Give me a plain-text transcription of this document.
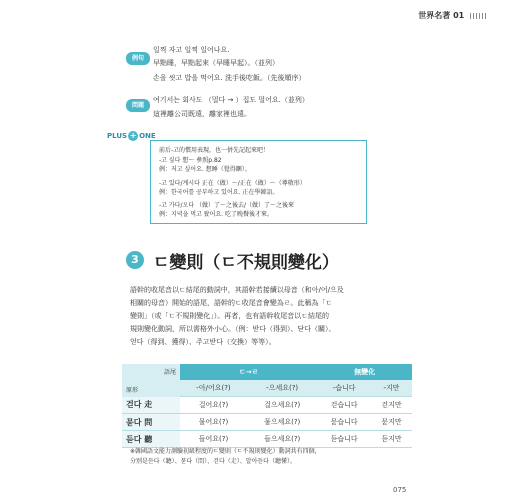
世界名著 01
例句
일찍 자고 일찍 일어나요.
早點睡，早點起來（早睡早起）。（並列）
손을 씻고 밥을 먹어요. 洗手後吃飯。（先後順序）
問題
여기서는 회사도 （멀다 → ）집도 멀어요.（並列）
這裡離公司既遠，離家裡也遠。
PLUS + ONE
前后-고的慣用表現，也一併先記起來吧！
-고 싶다 想～ 參照p.82
例：저고 싶어요. 想睡（覺得睏）。
-고 있다/계시다 正在（做）～/正在（做）～（尊敬形）
例：한국어를 공부하고 있어요. 正在學韓語。
-고 가다/오다 （做）了～之後去/（做）了～之後來
例：지녁을 먹고 왔어요. 吃了晚餐後才來。
3 ㄷ變則（ㄷ不規則變化）
語幹的收尾音以ㄷ結尾的動詞中，其語幹若接續以母音（和아/어/으及
相關的母音）開始的語尾，語幹的ㄷ收尾音會變為ㄹ。此稱為「ㄷ
變則」（或「ㄷ不規則變化」）。再者，也有語幹收尾音以ㄷ結尾的
規則變化動詞，所以需格外小心。（例：받다（得到）、닫다（關）、
얻다（得到、獲得）、주고받다（交換）等等）。
語尾
原形	ㄷ→ㄹ		無變化	
	-아/어요(?)	-으세요(?)	-습니다	-지만
걷다 走	걸어요(?)	걸으세요(?)	걷습니다	걷지만
묻다 問	물어요(?)	물으세요(?)	묻습니다	묻지만
듣다 聽	들어요(?)	들으세요(?)	듣습니다	듣지만
※韓國語文能力測驗初級程度的ㄷ變則（ㄷ不規則變化）動詞共有四個，
分別是듣다（聽）、묻다（問）、걷다（走）、알아듣다（聽懂）。
075
